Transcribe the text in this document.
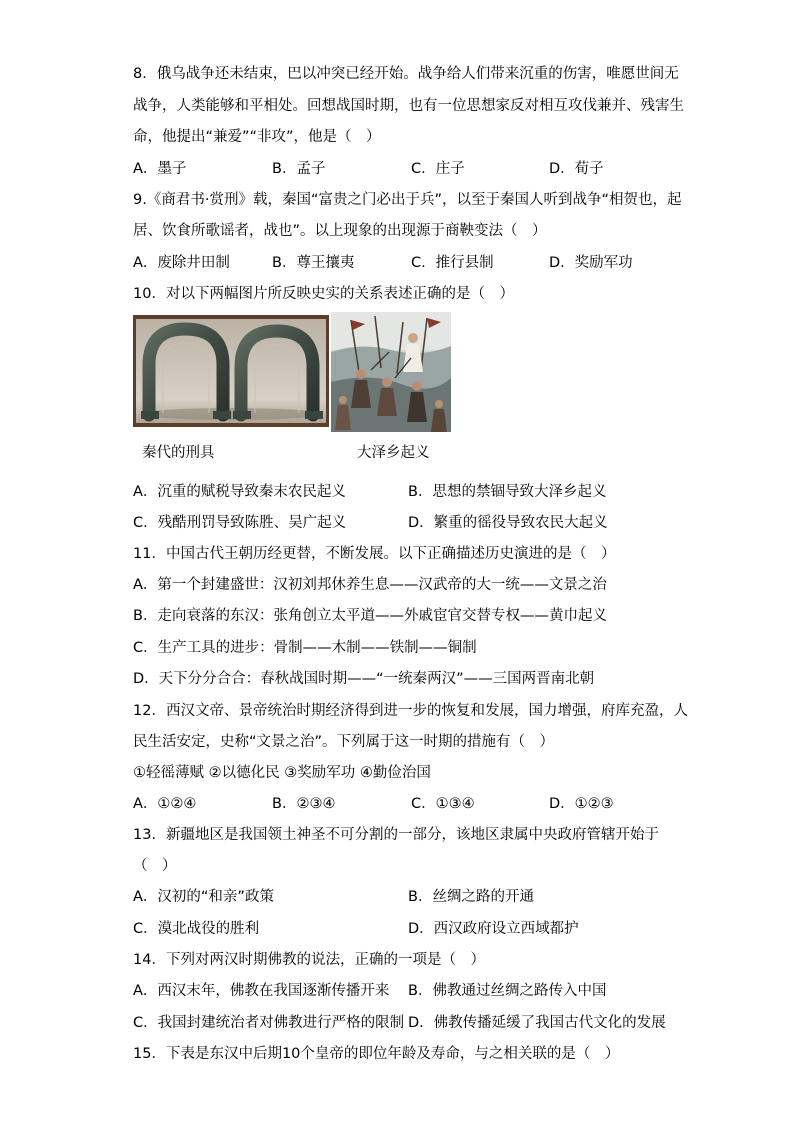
8．俄乌战争还未结束，巴以冲突已经开始。战争给人们带来沉重的伤害，唯愿世间无
战争，人类能够和平相处。回想战国时期，也有一位思想家反对相互攻伐兼并、残害生
命，他提出“兼爱”“非攻”，他是（　）
A．墨子	B．孟子	C．庄子	D．荀子
9.《商君书·赏刑》载，秦国“富贵之门必出于兵”，以至于秦国人听到战争“相贺也，起
居、饮食所歌谣者，战也”。以上现象的出现源于商鞅变法（　）
A．废除井田制	B．尊王攘夷	C．推行县制	D．奖励军功
10．对以下两幅图片所反映史实的关系表述正确的是（　）
秦代的刑具	大泽乡起义
A．沉重的赋税导致秦末农民起义	B．思想的禁锢导致大泽乡起义
C．残酷刑罚导致陈胜、吴广起义	D．繁重的徭役导致农民大起义
11．中国古代王朝历经更替，不断发展。以下正确描述历史演进的是（　）
A．第一个封建盛世：汉初刘邦休养生息——汉武帝的大一统——文景之治
B．走向衰落的东汉：张角创立太平道——外戚宦官交替专权——黄巾起义
C．生产工具的进步：骨制——木制——铁制——铜制
D．天下分分合合：春秋战国时期——“一统秦两汉”——三国两晋南北朝
12．西汉文帝、景帝统治时期经济得到进一步的恢复和发展，国力增强，府库充盈，人
民生活安定，史称“文景之治”。下列属于这一时期的措施有（　）
①轻徭薄赋 ②以德化民 ③奖励军功 ④勤俭治国
A．①②④	B．②③④	C．①③④	D．①②③
13．新疆地区是我国领土神圣不可分割的一部分，该地区隶属中央政府管辖开始于
（　）
A．汉初的“和亲”政策	B．丝绸之路的开通
C．漠北战役的胜利	D．西汉政府设立西域都护
14．下列对两汉时期佛教的说法，正确的一项是（　）
A．西汉末年，佛教在我国逐渐传播开来 B．佛教通过丝绸之路传入中国
C．我国封建统治者对佛教进行严格的限制 D．佛教传播延缓了我国古代文化的发展
15．下表是东汉中后期10个皇帝的即位年龄及寿命，与之相关联的是（　）
